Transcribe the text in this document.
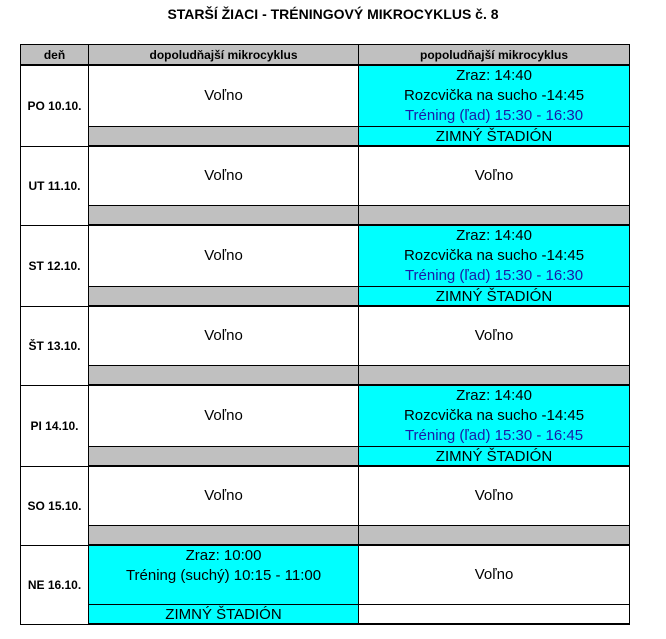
STARŠÍ ŽIACI - TRÉNINGOVÝ MIKROCYKLUS č. 8
deň	dopoludňajší mikrocyklus	popoludňajší mikrocyklus
PO 10.10.	Voľno	Zraz: 14:40
Rozcvička na sucho -14:45
Tréning (ľad) 15:30 - 16:30

		ZIMNÝ ŠTADIÓN
UT 11.10.	Voľno	Voľno

ST 12.10.	Voľno	Zraz: 14:40
Rozcvička na sucho -14:45
Tréning (ľad) 15:30 - 16:30

		ZIMNÝ ŠTADIÓN
ŠT 13.10.	Voľno	Voľno

PI 14.10.	Voľno	Zraz: 14:40
Rozcvička na sucho -14:45
Tréning (ľad) 15:30 - 16:45

		ZIMNÝ ŠTADIÓN
SO 15.10.	Voľno	Voľno

NE 16.10.	Zraz: 10:00
Tréning (suchý) 10:15 - 11:00	Voľno

	ZIMNÝ ŠTADIÓN	
